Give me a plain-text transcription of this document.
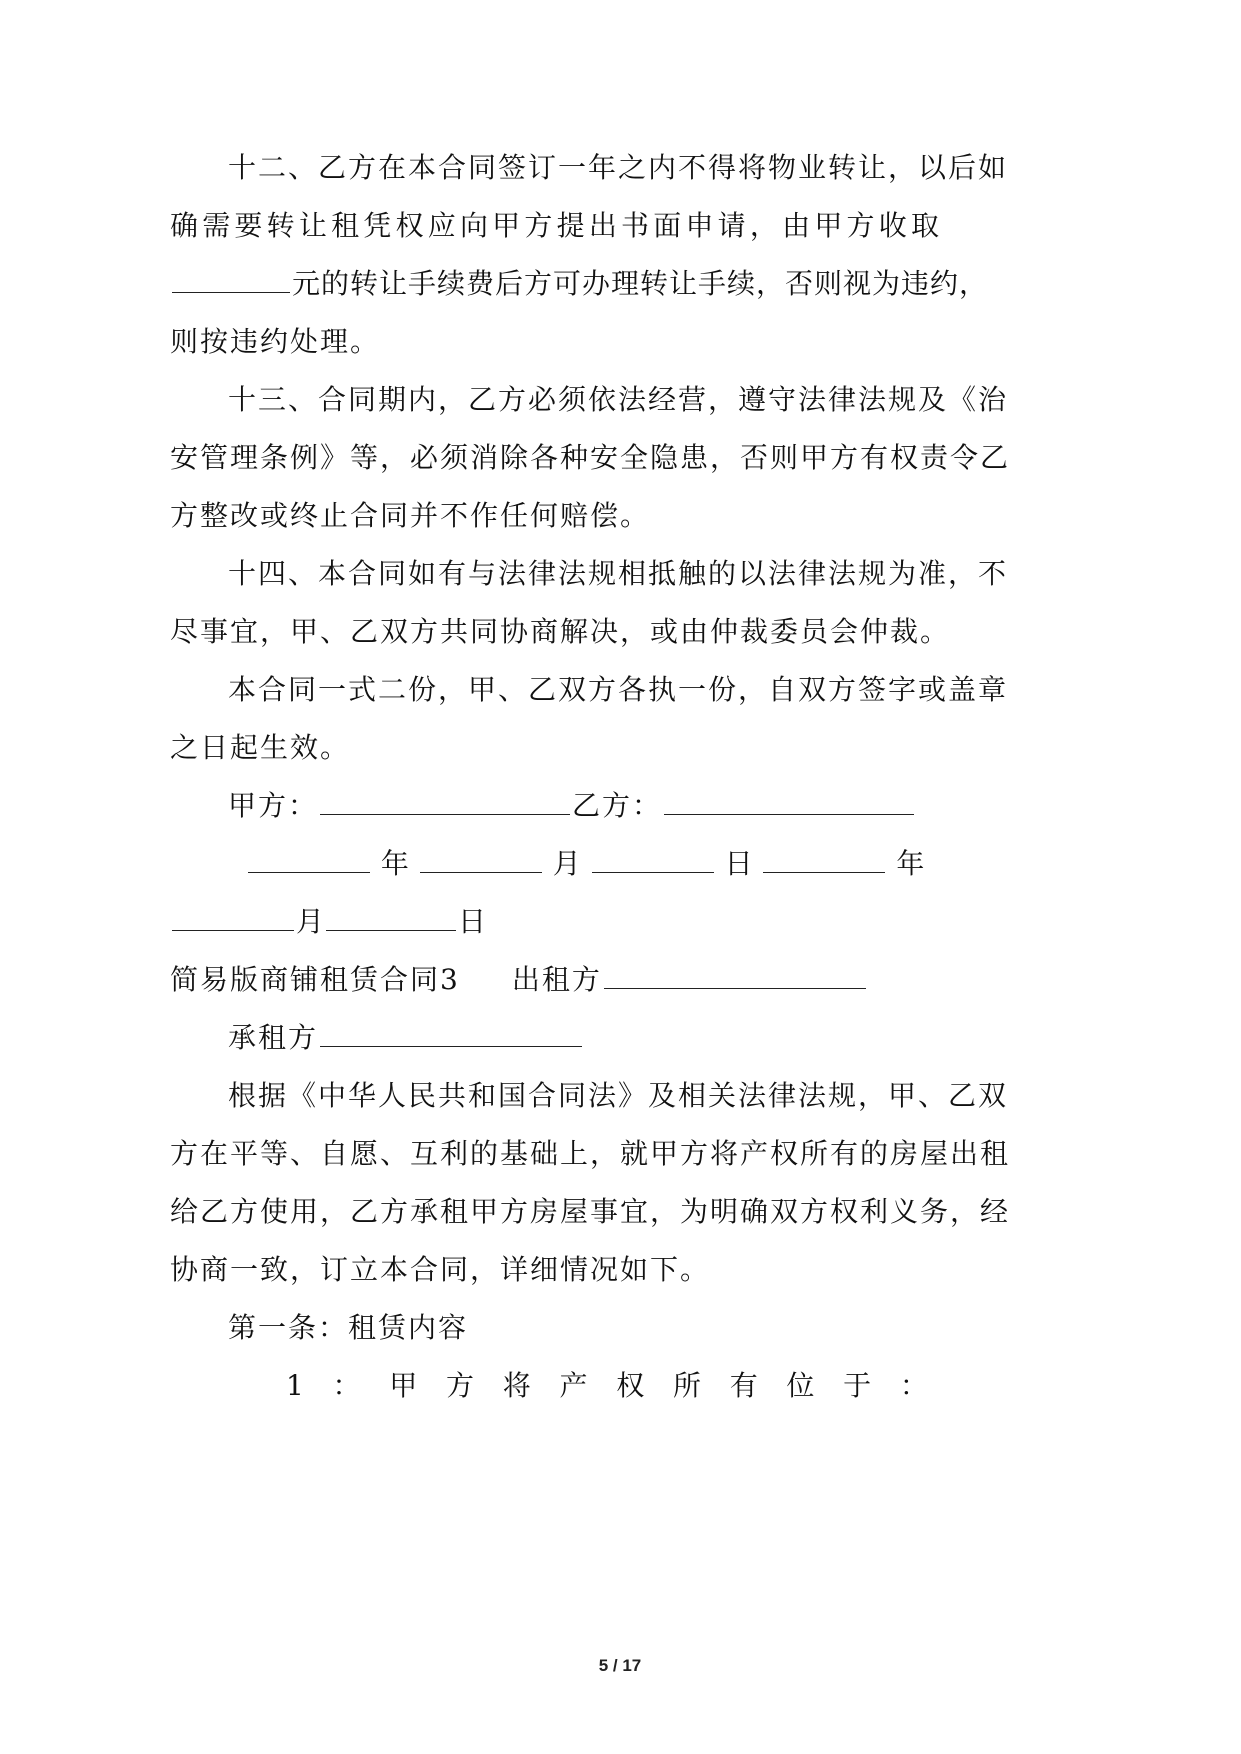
十二、乙方在本合同签订一年之内不得将物业转让，以后如
确需要转让租凭权应向甲方提出书面申请，由甲方收取
元的转让手续费后方可办理转让手续，否则视为违约，
则按违约处理。
十三、合同期内，乙方必须依法经营，遵守法律法规及《治
安管理条例》等，必须消除各种安全隐患，否则甲方有权责令乙
方整改或终止合同并不作任何赔偿。
十四、本合同如有与法律法规相抵触的以法律法规为准，不
尽事宜，甲、乙双方共同协商解决，或由仲裁委员会仲裁。
本合同一式二份，甲、乙双方各执一份，自双方签字或盖章
之日起生效。
甲方：	乙方：
年	月	日	年
月	日
简易版商铺租赁合同3 出租方
承租方
根据《中华人民共和国合同法》及相关法律法规，甲、乙双
方在平等、自愿、互利的基础上，就甲方将产权所有的房屋出租
给乙方使用，乙方承租甲方房屋事宜，为明确双方权利义务，经
协商一致，订立本合同，详细情况如下。
第一条：租赁内容
1 ： 甲 方 将 产 权 所 有 位 于 ：
5 / 17
